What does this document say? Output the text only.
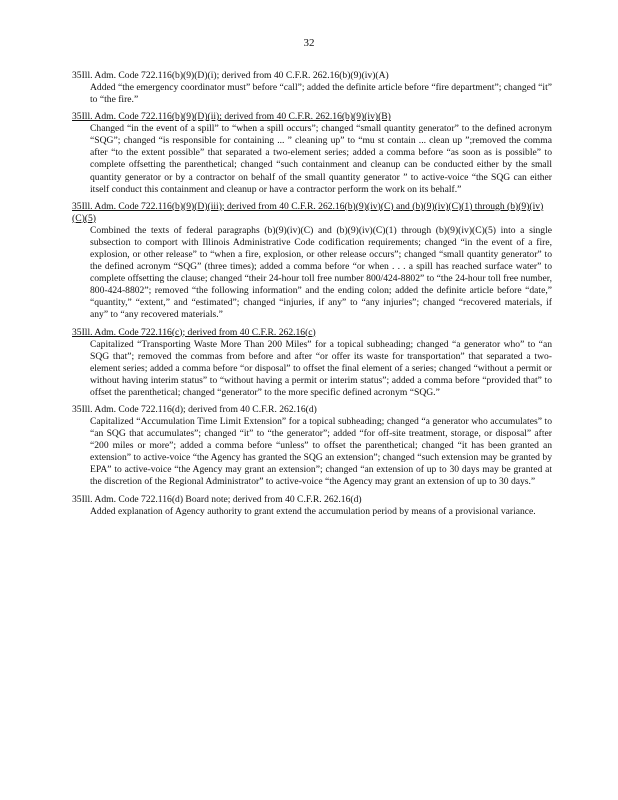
32
35Ill. Adm. Code 722.116(b)(9)(D)(i); derived from 40 C.F.R. 262.16(b)(9)(iv)(A)
Added “the emergency coordinator must” before “call”; added the definite article before “fire department”; changed “it” to “the fire.”
35Ill. Adm. Code 722.116(b)(9)(D)(ii); derived from 40 C.F.R. 262.16(b)(9)(iv)(B)
Changed “in the event of a spill” to “when a spill occurs”; changed “small quantity generator” to the defined acronym “SQG”; changed “is responsible for containing ... ” cleaning up” to “mu st contain ... clean up ”;removed the comma after “to the extent possible” that separated a two-element series; added a comma before “as soon as is possible” to complete offsetting the parenthetical; changed “such containment and cleanup can be conducted either by the small quantity generator or by a contractor on behalf of the small quantity generator ” to active-voice “the SQG can either itself conduct this containment and cleanup or have a contractor perform the work on its behalf.”
35Ill. Adm. Code 722.116(b)(9)(D)(iii); derived from 40 C.F.R. 262.16(b)(9)(iv)(C) and (b)(9)(iv)(C)(1) through (b)(9)(iv)(C)(5)
Combined the texts of federal paragraphs (b)(9)(iv)(C) and (b)(9)(iv)(C)(1) through (b)(9)(iv)(C)(5) into a single subsection to comport with Illinois Administrative Code codification requirements; changed “in the event of a fire, explosion, or other release” to “when a fire, explosion, or other release occurs”; changed “small quantity generator” to the defined acronym “SQG” (three times); added a comma before “or when . . . a spill has reached surface water” to complete offsetting the clause; changed “their 24-hour toll free number 800/424-8802” to “the 24-hour toll free number, 800-424-8802”; removed “the following information” and the ending colon; added the definite article before “date,” “quantity,” “extent,” and “estimated”; changed “injuries, if any” to “any injuries”; changed “recovered materials, if any” to “any recovered materials.”
35Ill. Adm. Code 722.116(c); derived from 40 C.F.R. 262.16(c)
Capitalized “Transporting Waste More Than 200 Miles” for a topical subheading; changed “a generator who” to “an SQG that”; removed the commas from before and after “or offer its waste for transportation” that separated a two-element series; added a comma before “or disposal” to offset the final element of a series; changed “without a permit or without having interim status” to “without having a permit or interim status”; added a comma before “provided that” to offset the parenthetical; changed “generator” to the more specific defined acronym “SQG.”
35Ill. Adm. Code 722.116(d); derived from 40 C.F.R. 262.16(d)
Capitalized “Accumulation Time Limit Extension” for a topical subheading; changed “a generator who accumulates” to “an SQG that accumulates”; changed “it” to “the generator”; added “for off-site treatment, storage, or disposal” after “200 miles or more”; added a comma before “unless” to offset the parenthetical; changed “it has been granted an extension” to active-voice “the Agency has granted the SQG an extension”; changed “such extension may be granted by EPA” to active-voice “the Agency may grant an extension”; changed “an extension of up to 30 days may be granted at the discretion of the Regional Administrator” to active-voice “the Agency may grant an extension of up to 30 days.”
35Ill. Adm. Code 722.116(d) Board note; derived from 40 C.F.R. 262.16(d)
Added explanation of Agency authority to grant extend the accumulation period by means of a provisional variance.
